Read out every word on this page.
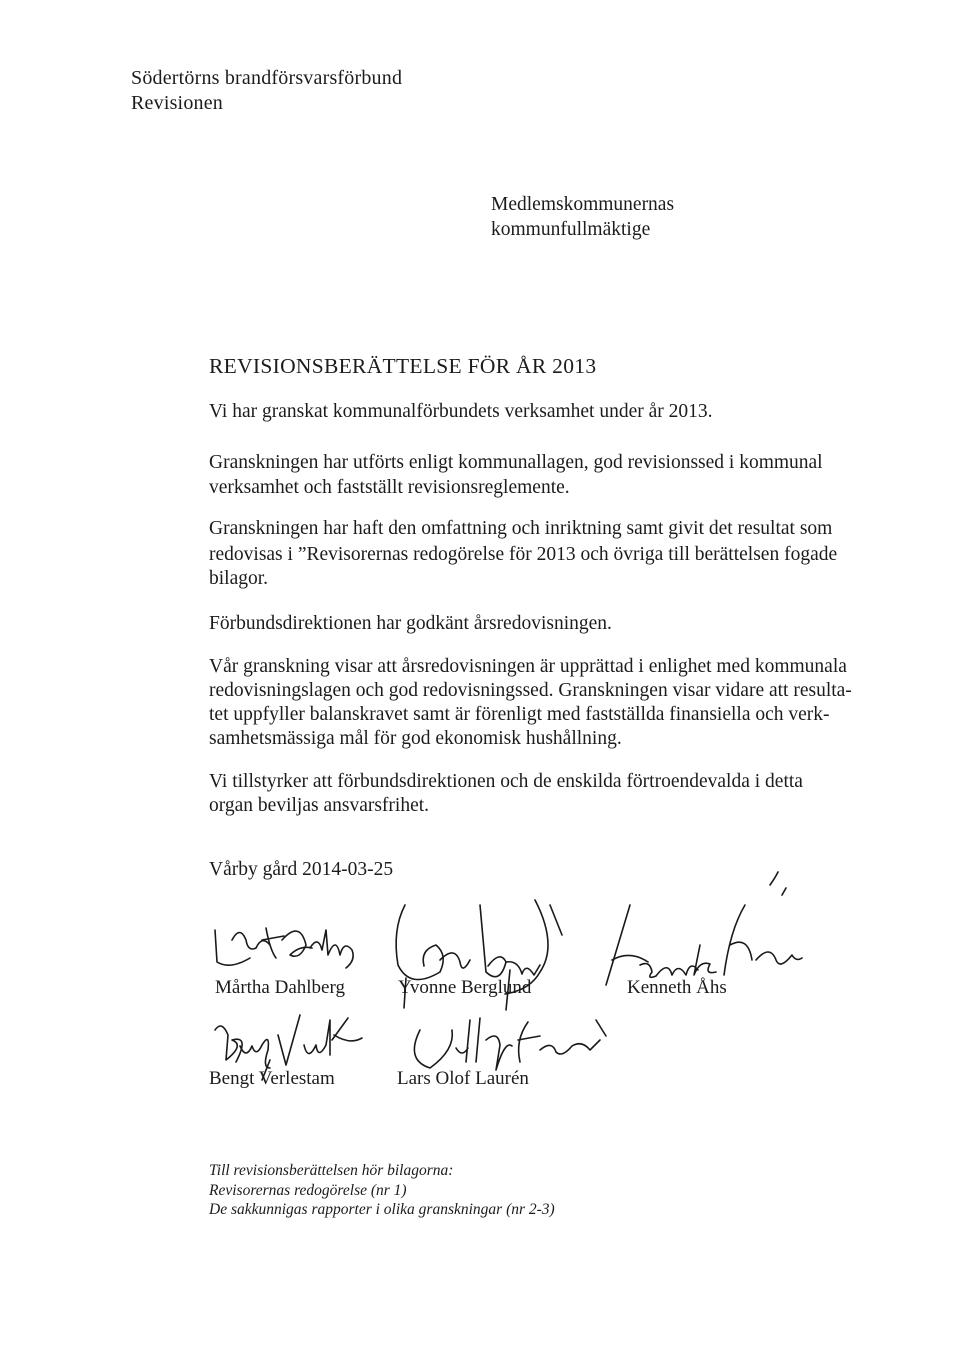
Södertörns brandförsvarsförbund
Revisionen
Medlemskommunernas
kommunfullmäktige
REVISIONSBERÄTTELSE FÖR ÅR 2013
Vi har granskat kommunalförbundets verksamhet under år 2013.
Granskningen har utförts enligt kommunallagen, god revisionssed i kommunal
verksamhet och fastställt revisionsreglemente.
Granskningen har haft den omfattning och inriktning samt givit det resultat som
redovisas i ”Revisorernas redogörelse för 2013 och övriga till berättelsen fogade
bilagor.
Förbundsdirektionen har godkänt årsredovisningen.
Vår granskning visar att årsredovisningen är upprättad i enlighet med kommunala
redovisningslagen och god redovisningssed. Granskningen visar vidare att resulta-
tet uppfyller balanskravet samt är förenligt med fastställda finansiella och verk-
samhetsmässiga mål för god ekonomisk hushållning.
Vi tillstyrker att förbundsdirektionen och de enskilda förtroendevalda i detta
organ beviljas ansvarsfrihet.
Vårby gård 2014-03-25
Mårtha Dahlberg	Yvonne Berglund	Kenneth Åhs
Bengt Verlestam	Lars Olof Laurén
Till revisionsberättelsen hör bilagorna:
Revisorernas redogörelse (nr 1)
De sakkunnigas rapporter i olika granskningar (nr 2-3)
